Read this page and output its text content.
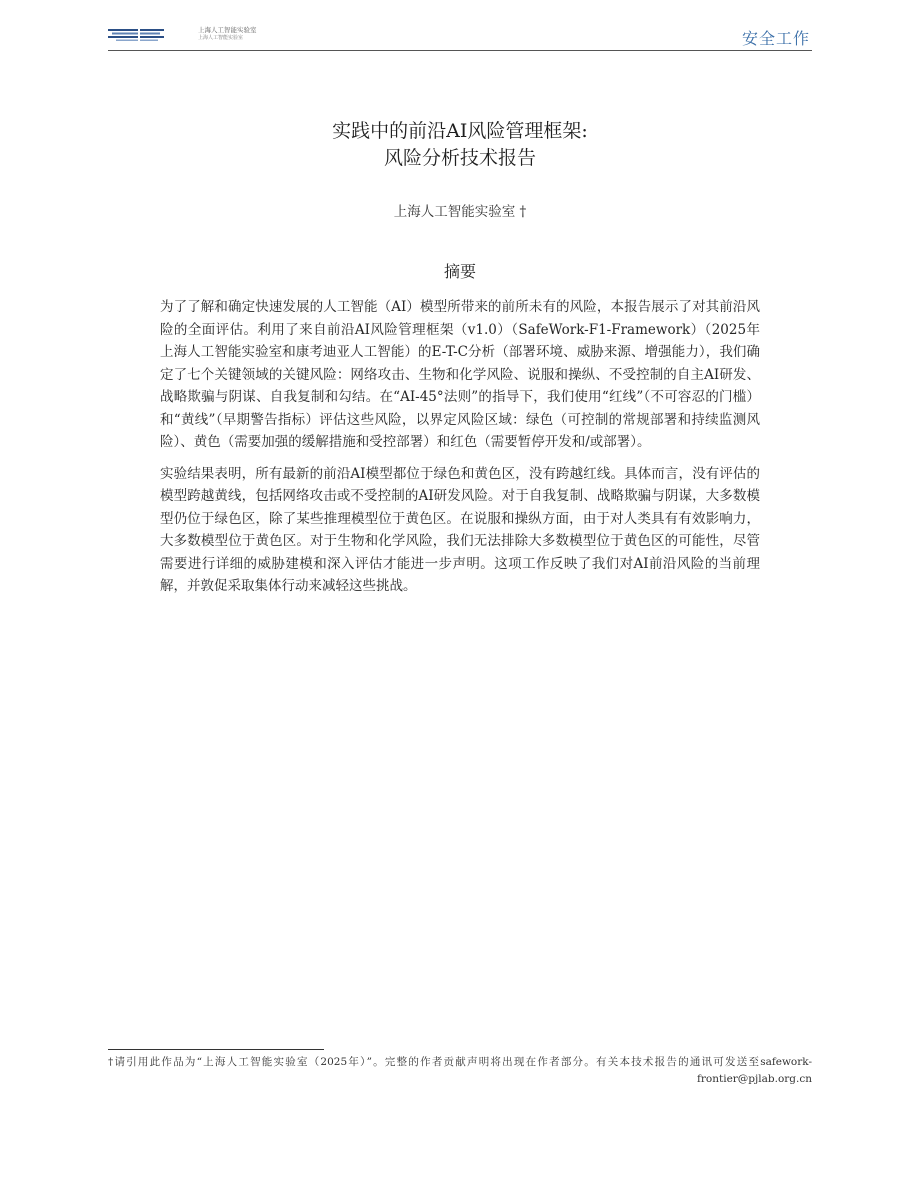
上海人工智能实验室
上海人工智能实验室	安全工作
实践中的前沿AI风险管理框架:
风险分析技术报告
上海人工智能实验室 †
摘要

为了了解和确定快速发展的人工智能（AI）模型所带来的前所未有的风险，本报告展示了对其前沿风险的全面评估。利用了来自前沿AI风险管理框架（v1.0）（SafeWork-F1-Framework）（2025年上海人工智能实验室和康考迪亚人工智能）的E-T-C分析（部署环境、威胁来源、增强能力），我们确定了七个关键领域的关键风险：网络攻击、生物和化学风险、说服和操纵、不受控制的自主AI研发、战略欺骗与阴谋、自我复制和勾结。在“AI-45°法则”的指导下，我们使用“红线”（不可容忍的门槛）和“黄线”（早期警告指标）评估这些风险，以界定风险区域：绿色（可控制的常规部署和持续监测风险）、黄色（需要加强的缓解措施和受控部署）和红色（需要暂停开发和/或部署）。

实验结果表明，所有最新的前沿AI模型都位于绿色和黄色区，没有跨越红线。具体而言，没有评估的模型跨越黄线，包括网络攻击或不受控制的AI研发风险。对于自我复制、战略欺骗与阴谋，大多数模型仍位于绿色区，除了某些推理模型位于黄色区。在说服和操纵方面，由于对人类具有有效影响力，大多数模型位于黄色区。对于生物和化学风险，我们无法排除大多数模型位于黄色区的可能性，尽管需要进行详细的威胁建模和深入评估才能进一步声明。这项工作反映了我们对AI前沿风险的当前理解，并敦促采取集体行动来减轻这些挑战。

†请引用此作品为“上海人工智能实验室（2025年）”。完整的作者贡献声明将出现在作者部分。有关本技术报告的通讯可发送至safework-frontier@pjlab.org.cn
